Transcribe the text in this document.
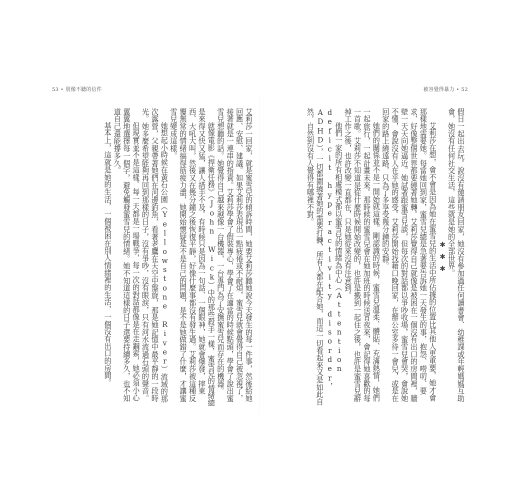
53 • 別像不聽的信件	被容覺得暴力 • 52

假日一起出去玩。說沒有邀請朋友回家，她沒有參加過任何讀書會、幼稚課或年輕媽媽互助會，她沒有任何社交生活，這些就是她的全部世界。

✱✱✱

艾莉莎在想，會不會是因為她在蜜雪兒的生活中所佔據的位置比其他人更重要，她才會那樣地需要她。每當她回到家，蜜雪兒總是急著要告訴她一天發生的事，抱怨、嘮叨、要求，好像整個世界都要繞著她轉。艾莉莎覺得自己就像是被困在一個沒有出口的房間裡，牆壁一天天向她逼近。她試著跟蜜雪兒談，但每次的對話都以爭吵收場，蜜雪兒會哭，會說她不懂，會說沒有人在乎她的感受。艾莉莎開始找藉口晚回家，在辦公室多待一會兒，或是在回家的路上繞遠路，只為了多享受幾分鐘的安靜。

她們的關係並不是一開始就這樣。剛認識的時候，蜜雪兒溫柔、體貼、充滿熱情，她們一起旅行，一起計畫未來。那時候的蜜雪兒會在她加班的時候送宵夜來，會記得她喜歡的每一首歌。艾莉莎不知道是從什麼時候開始改變的，也許是搬到一起住之後，也許是蜜雪兒辭掉工作之後，也許改變一直都在，只是她從來沒有注意到。

他們一家的所有相處模式都以蜜雪兒的情緒為中心（Attention deficit hyperactivity disorder，ADHD），一切都圍繞著她的需要打轉，所有人都在配合她，而這一切看起來又是如此自然，自然到沒有人覺得有哪裡不對。

艾莉莎一回家，就是蜜雪兒的傾訴時間，她要艾莉莎聽她說今天發生的每一件事，然後給她回應、安慰、建議。如果艾莉莎表現出一點疲倦或不耐煩，蜜雪兒就會覺得自己被忽視了，接著就是一連串的指責。艾莉莎學會了假裝專心，學會了在適當的時候點頭，學會了說出蜜雪兒想聽的話。她覺得自己越來越像一台機器，一台專門為了安撫蜜雪兒而存在的機器。

就像電影《捍衛任務》（John Wick）中的那些殺手一樣，蜜雪兒的情緒總是來得又快又猛，讓人措手不及。有時候只是因為一句話、一個眼神，她就會爆發，摔東西、大吼大叫，然後又在幾分鐘之後恢復平靜，好像什麼事都沒有發生過。艾莉莎被這種反覆無常的情緒搞得筋疲力盡，她開始懷疑是不是自己的問題，是不是她做錯了什麼，才讓蜜雪兒變成這樣。

她想起小時候在黃石公園（Yellowstone River）流域的那次露營，父親帶著她們在河邊釣魚，看著老鷹在天空中盤旋，那是她記憶中最平靜的一段時光。她多麼希望能夠再回到那樣的日子，沒有爭吵，沒有眼淚，只有河水流過石頭的聲音。

但現實並不是這樣。每一天都是一場戰爭，每一次的對話都像是在走鋼索，她必須小心翼翼地選擇每一個字，避免觸發蜜雪兒的情緒。她不知道這樣的日子還要持續多久，也不知道自己還能撐多久。

基本上，這就是她的生活，一個被困在別人情緒裡的生活，一個沒有出口的房間。
